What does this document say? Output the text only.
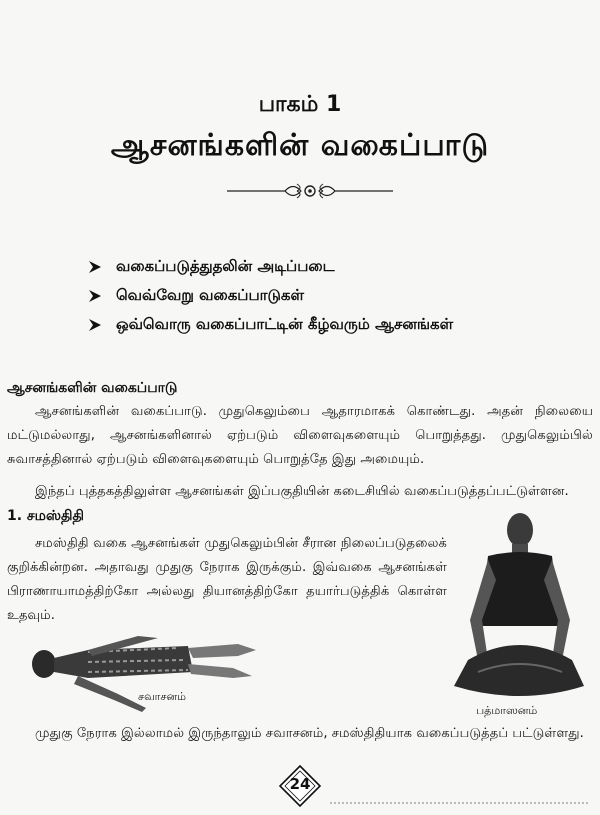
பாகம் 1
ஆசனங்களின் வகைப்பாடு
வகைப்படுத்துதலின் அடிப்படை
வெவ்வேறு வகைப்பாடுகள்
ஒவ்வொரு வகைப்பாட்டின் கீழ்வரும் ஆசனங்கள்
ஆசனங்களின் வகைப்பாடு
ஆசனங்களின் வகைப்பாடு. முதுகெலும்பை ஆதாரமாகக் கொண்டது. அதன் நிலையை மட்டுமல்லாது, ஆசனங்களினால் ஏற்படும் விளைவுகளையும் பொறுத்தது. முதுகெலும்பில் சுவாசத்தினால் ஏற்படும் விளைவுகளையும் பொறுத்தே இது அமையும்.
இந்தப் புத்தகத்திலுள்ள ஆசனங்கள் இப்பகுதியின் கடைசியில் வகைப்படுத்தப்பட்டுள்ளன.
1. சமஸ்திதி
சமஸ்திதி வகை ஆசனங்கள் முதுகெலும்பின் சீரான நிலைப்படுதலைக் குறிக்கின்றன. அதாவது முதுகு நேராக இருக்கும். இவ்வகை ஆசனங்கள் பிராணாயாமத்திற்கோ அல்லது தியானத்திற்கோ தயார்படுத்திக் கொள்ள உதவும்.
சவாசனம்
பத்மாஸனம்
முதுகு நேராக இல்லாமல் இருந்தாலும் சவாசனம், சமஸ்திதியாக வகைப்படுத்தப் பட்டுள்ளது.
24
